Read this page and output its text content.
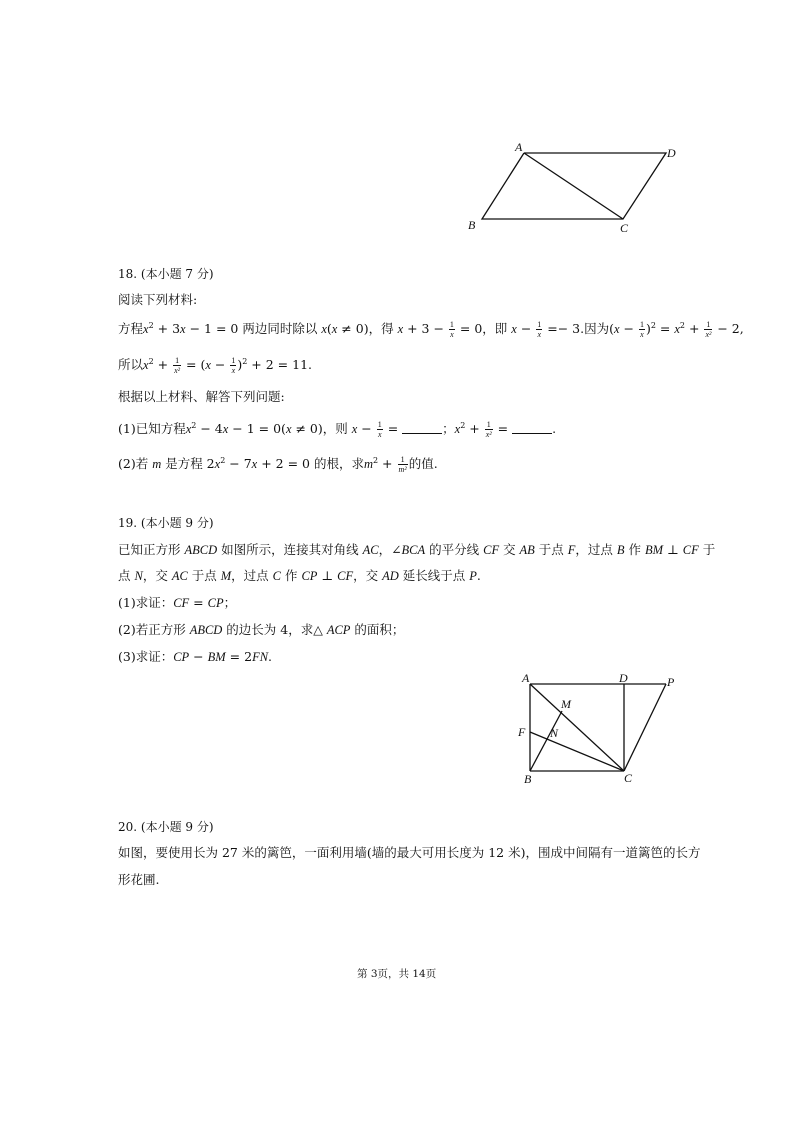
A	D
B	C
18. (本小题 7 分)
阅读下列材料:
方程$x^2 + 3x - 1 = 0$ 两边同时除以 x(x ≠ 0)，得 $x + 3 - \frac{1}{x} = 0$，即 $x - \frac{1}{x} =- 3$.因为$(x - \frac{1}{x} )^2 = x^2 + \frac{1}{\text{x²}} - 2$,
所以$x^2 + \frac{1}{\text{x²}} = (x - \frac{1}{x} )^2 + 2 = 11$.
根据以上材料、解答下列问题:
(1)已知方程$x^2 - 4x - 1 = 0(x \ne 0)$，则 $x - \frac{1}{x}$ =	；$x^2 + \frac{1}{\text{x²}}$ =	.
(2)若 m 是方程 $2x^2 - 7x + 2 = 0$ 的根，求$m^2 + \frac{1}{\text{m²}}$ 的值.
19. (本小题 9 分)
已知正方形 ABCD 如图所示，连接其对角线 AC，∠BCA 的平分线 CF 交 AB 于点 F，过点 B 作 BM ⊥ CF 于
点 N，交 AC 于点 M，过点 C 作 CP ⊥ CF，交 AD 延长线于点 P.
(1)求证：CF = CP；
(2)若正方形 ABCD 的边长为 4，求△ ACP 的面积；
(3)求证：CP − BM = 2FN.
A	D	P
M
F N
B	C
20. (本小题 9 分)
如图，要使用长为 27 米的篱笆，一面利用墙(墙的最大可用长度为 12 米)，围成中间隔有一道篱笆的长方
形花圃.
第 3页，共 14页
